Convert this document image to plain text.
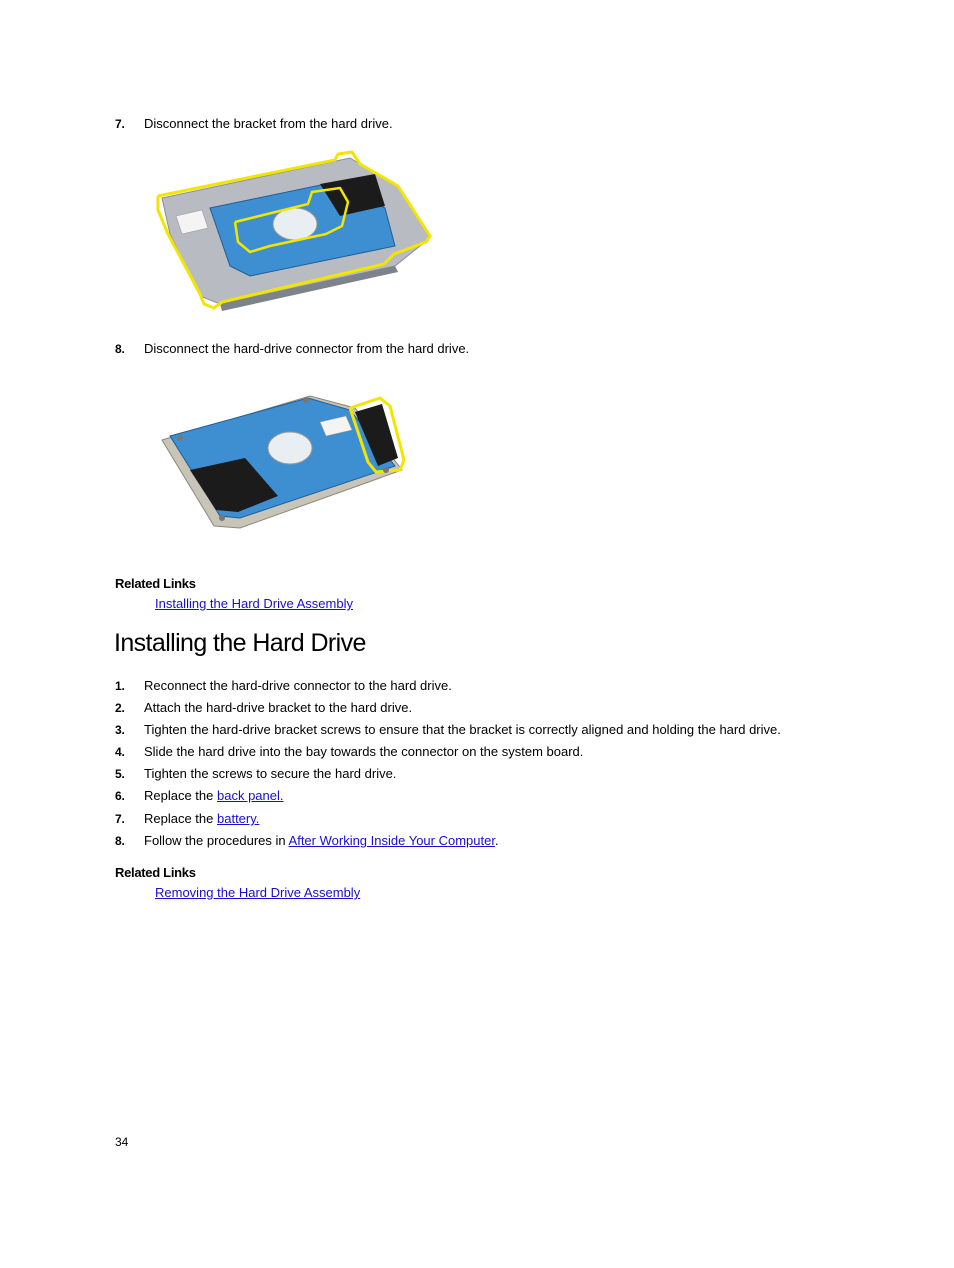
7. Disconnect the bracket from the hard drive.
8. Disconnect the hard-drive connector from the hard drive.
Related Links
Installing the Hard Drive Assembly
Installing the Hard Drive
1. Reconnect the hard-drive connector to the hard drive.
2. Attach the hard-drive bracket to the hard drive.
3. Tighten the hard-drive bracket screws to ensure that the bracket is correctly aligned and holding the hard drive.
4. Slide the hard drive into the bay towards the connector on the system board.
5. Tighten the screws to secure the hard drive.
6. Replace the back panel.
7. Replace the battery.
8. Follow the procedures in After Working Inside Your Computer.
Related Links
Removing the Hard Drive Assembly
34
